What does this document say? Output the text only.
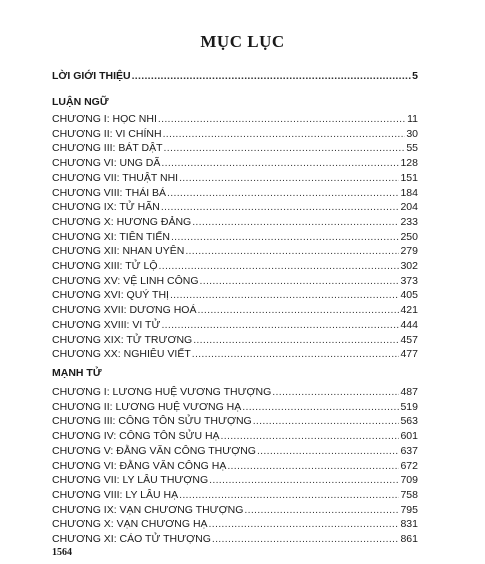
MỤC LỤC
LỜI GIỚI THIỆU .....	5
LUẬN NGỮ
CHƯƠNG I: HỌC NHI .....	11
CHƯƠNG II: VI CHÍNH .....	30
CHƯƠNG III: BÁT DẬT .....	55
CHƯƠNG VI: UNG DÃ .....	128
CHƯƠNG VII: THUẬT NHI .....	151
CHƯƠNG VIII: THÁI BÁ .....	184
CHƯƠNG IX: TỬ HÃN .....	204
CHƯƠNG X: HƯƠNG ĐẢNG .....	233
CHƯƠNG XI: TIÊN TIẾN .....	250
CHƯƠNG XII: NHAN UYÊN .....	279
CHƯƠNG XIII: TỬ LỘ .....	302
CHƯƠNG XV: VỆ LINH CÔNG .....	373
CHƯƠNG XVI: QUÝ THỊ .....	405
CHƯƠNG XVII: DƯƠNG HOÁ .....	421
CHƯƠNG XVIII: VI TỬ .....	444
CHƯƠNG XIX: TỬ TRƯƠNG .....	457
CHƯƠNG XX: NGHIÊU VIẾT .....	477
MẠNH TỬ
CHƯƠNG I: LƯƠNG HUỆ VƯƠNG THƯỢNG .....	487
CHƯƠNG II: LƯƠNG HUỆ VƯƠNG HẠ .....	519
CHƯƠNG III: CÔNG TÔN SỬU THƯỢNG .....	563
CHƯƠNG IV: CÔNG TÔN SỬU HẠ .....	601
CHƯƠNG V: ĐẰNG VĂN CÔNG THƯỢNG .....	637
CHƯƠNG VI: ĐẰNG VĂN CÔNG HẠ .....	672
CHƯƠNG VII: LY LÂU THƯỢNG .....	709
CHƯƠNG VIII: LY LÂU HẠ .....	758
CHƯƠNG IX: VẠN CHƯƠNG THƯỢNG .....	795
CHƯƠNG X: VẠN CHƯƠNG HẠ .....	831
CHƯƠNG XI: CÁO TỬ THƯỢNG .....	861
1564
